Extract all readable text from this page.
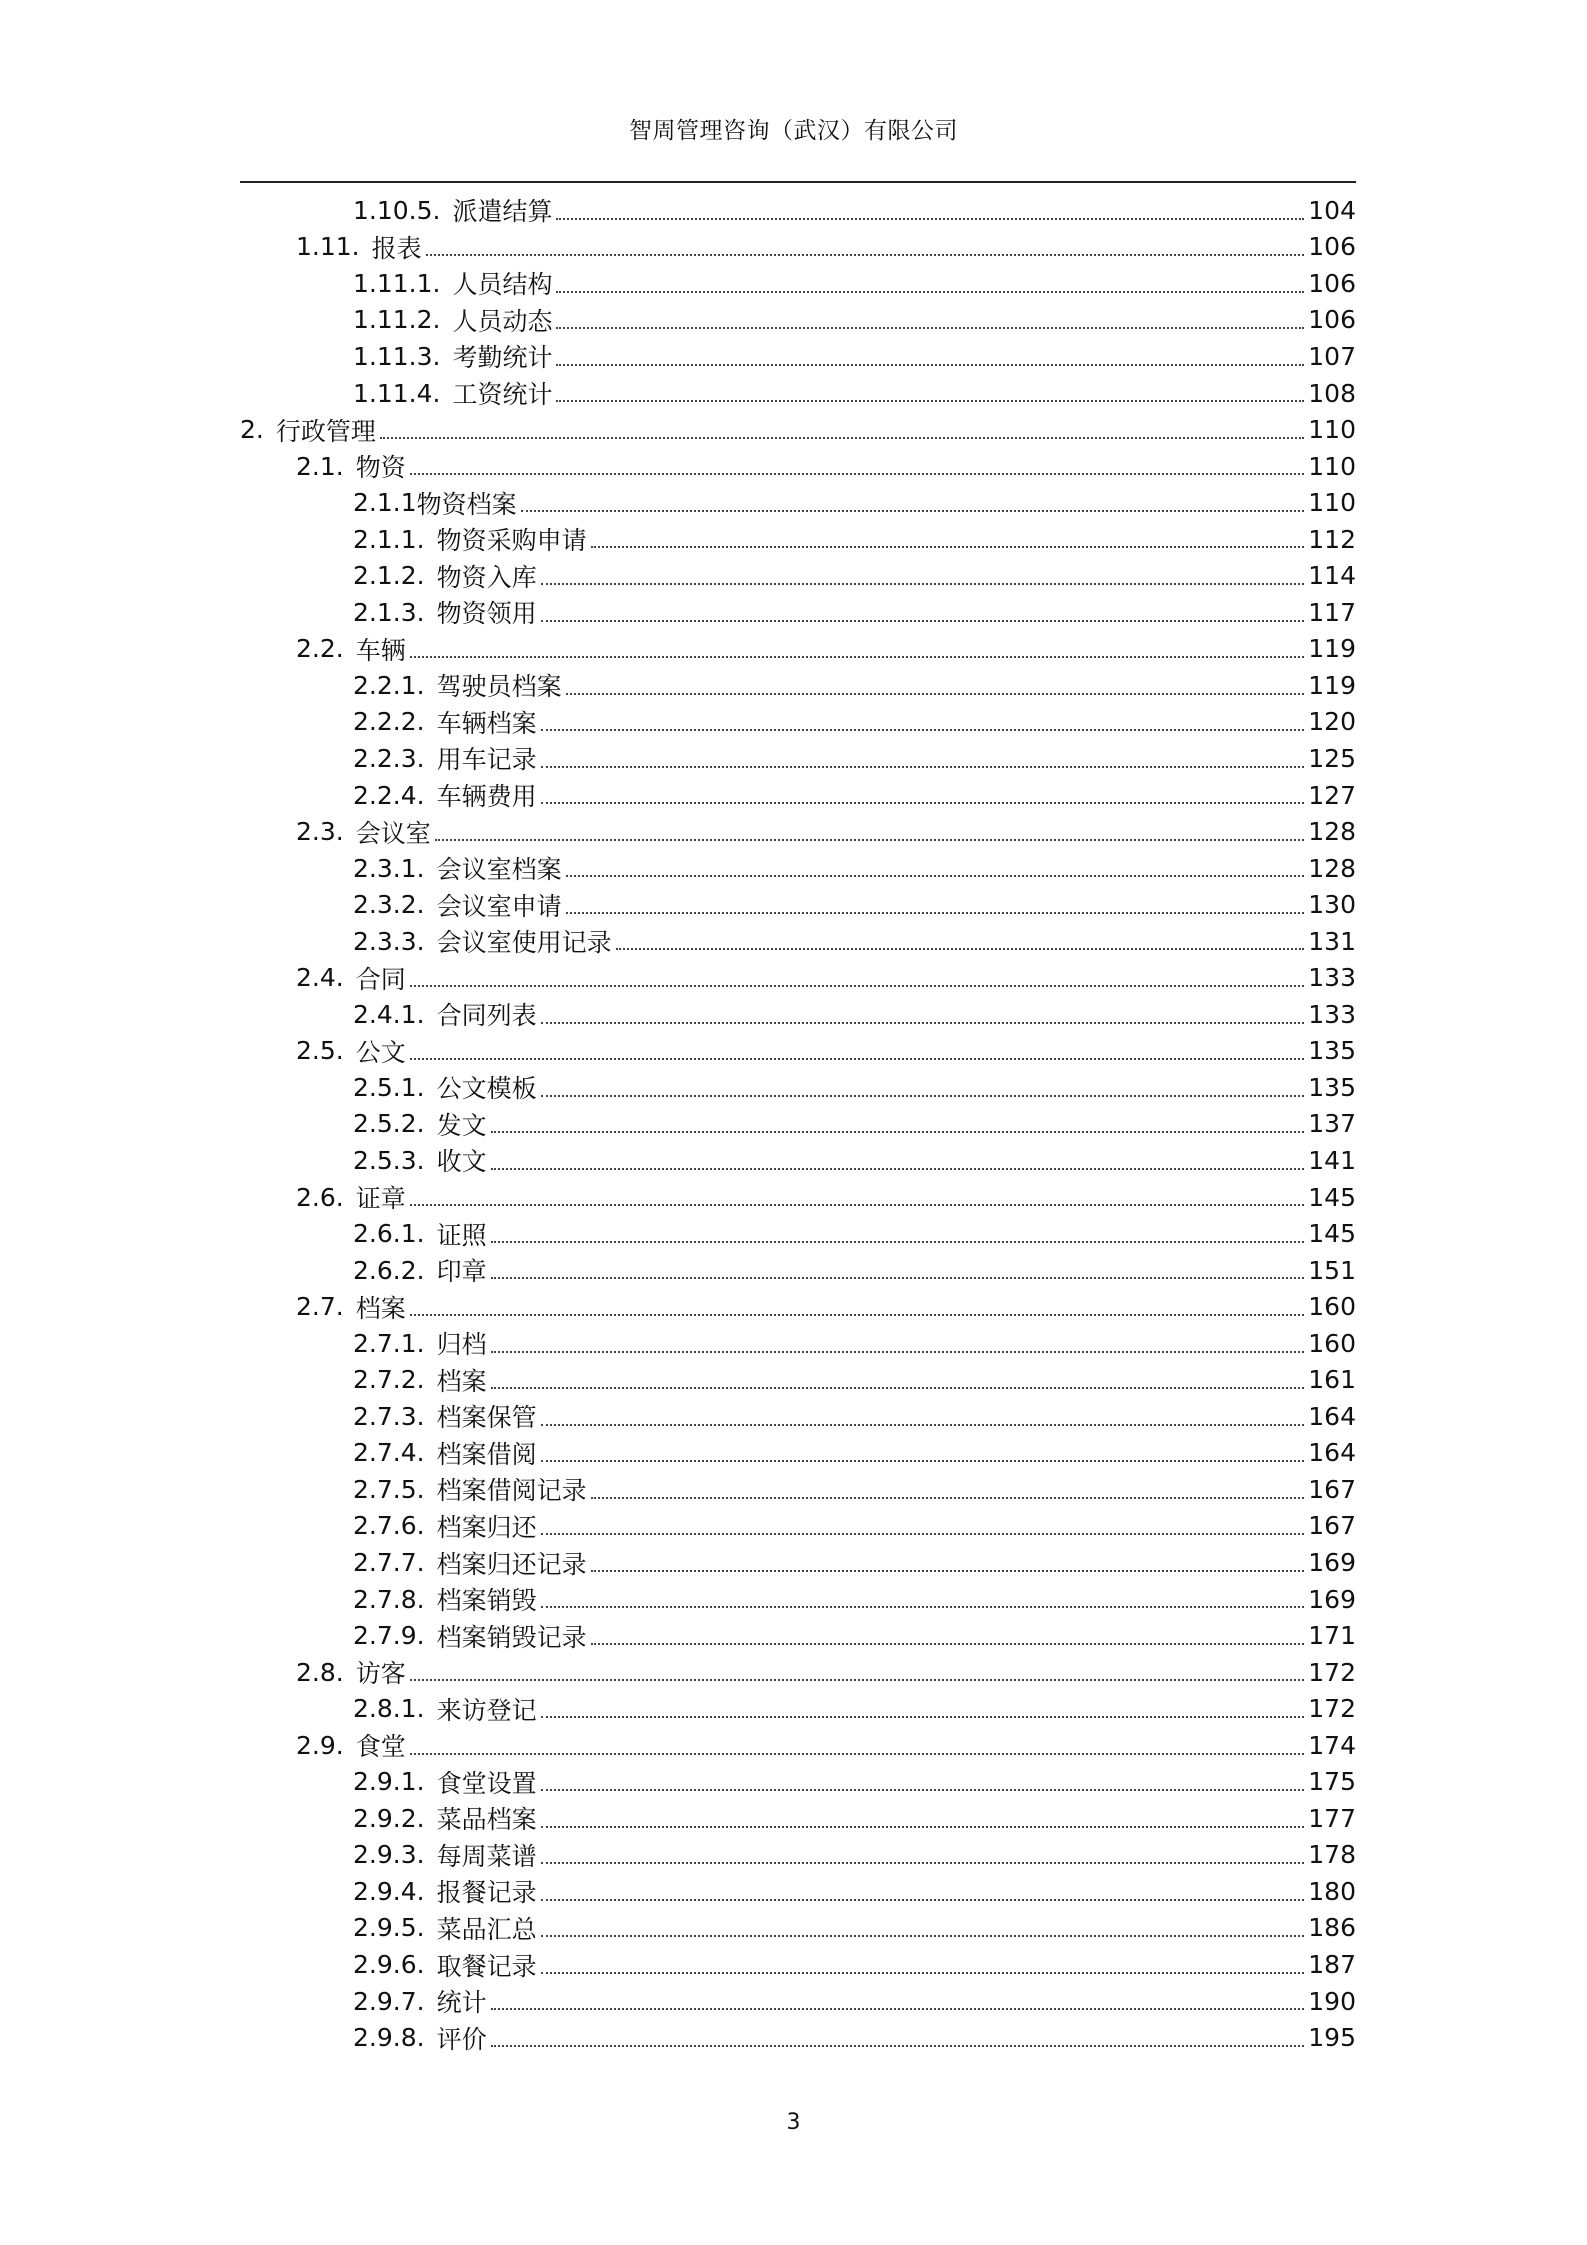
智周管理咨询（武汉）有限公司
1.10.5. 派遣结算	104
1.11. 报表	106
1.11.1. 人员结构	106
1.11.2. 人员动态	106
1.11.3. 考勤统计	107
1.11.4. 工资统计	108
2. 行政管理	110
2.1. 物资	110
2.1.1 物资档案	110
2.1.1. 物资采购申请	112
2.1.2. 物资入库	114
2.1.3. 物资领用	117
2.2. 车辆	119
2.2.1. 驾驶员档案	119
2.2.2. 车辆档案	120
2.2.3. 用车记录	125
2.2.4. 车辆费用	127
2.3. 会议室	128
2.3.1. 会议室档案	128
2.3.2. 会议室申请	130
2.3.3. 会议室使用记录	131
2.4. 合同	133
2.4.1. 合同列表	133
2.5. 公文	135
2.5.1. 公文模板	135
2.5.2. 发文	137
2.5.3. 收文	141
2.6. 证章	145
2.6.1. 证照	145
2.6.2. 印章	151
2.7. 档案	160
2.7.1. 归档	160
2.7.2. 档案	161
2.7.3. 档案保管	164
2.7.4. 档案借阅	164
2.7.5. 档案借阅记录	167
2.7.6. 档案归还	167
2.7.7. 档案归还记录	169
2.7.8. 档案销毁	169
2.7.9. 档案销毁记录	171
2.8. 访客	172
2.8.1. 来访登记	172
2.9. 食堂	174
2.9.1. 食堂设置	175
2.9.2. 菜品档案	177
2.9.3. 每周菜谱	178
2.9.4. 报餐记录	180
2.9.5. 菜品汇总	186
2.9.6. 取餐记录	187
2.9.7. 统计	190
2.9.8. 评价	195
3
